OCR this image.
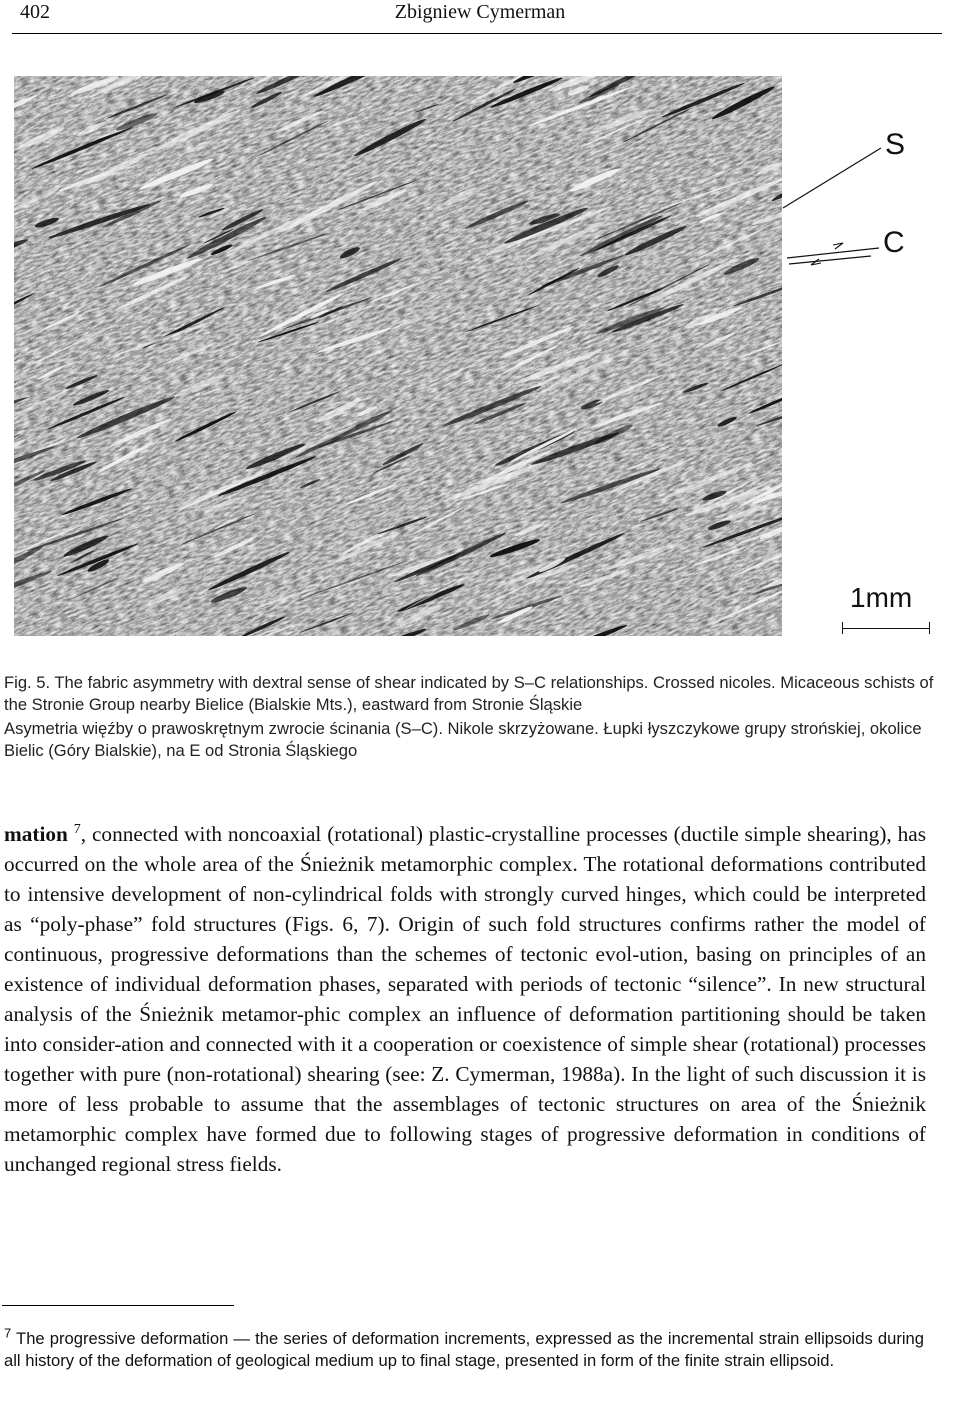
402	Zbigniew Cymerman
S
C
1mm

Fig. 5. The fabric asymmetry with dextral sense of shear indicated by S–C relationships. Crossed nicoles. Micaceous schists of the Stronie Group nearby Bielice (Bialskie Mts.), eastward from Stronie Śląskie

Asymetria więźby o prawoskrętnym zwrocie ścinania (S–C). Nikole skrzyżowane. Łupki łyszczykowe grupy strońskiej, okolice Bielic (Góry Bialskie), na E od Stronia Śląskiego

mation $^7$, connected with noncoaxial (rotational) plastic-crystalline processes (ductile simple shearing), has occurred on the whole area of the Śnieżnik metamorphic complex. The rotational deformations contributed to intensive development of non-cylindrical folds with strongly curved hinges, which could be interpreted as “poly-phase” fold structures (Figs. 6, 7). Origin of such fold structures confirms rather the model of continuous, progressive deformations than the schemes of tectonic evol-ution, basing on principles of an existence of individual deformation phases, separated with periods of tectonic “silence”. In new structural analysis of the Śnieżnik metamor-phic complex an influence of deformation partitioning should be taken into consider-ation and connected with it a cooperation or coexistence of simple shear (rotational) processes together with pure (non-rotational) shearing (see: Z. Cymerman, 1988a). In the light of such discussion it is more of less probable to assume that the assemblages of tectonic structures on area of the Śnieżnik metamorphic complex have formed due to following stages of progressive deformation in conditions of unchanged regional stress fields.

$^7$ The progressive deformation — the series of deformation increments, expressed as the incremental strain ellipsoids during all history of the deformation of geological medium up to final stage, presented in form of the finite strain ellipsoid.
